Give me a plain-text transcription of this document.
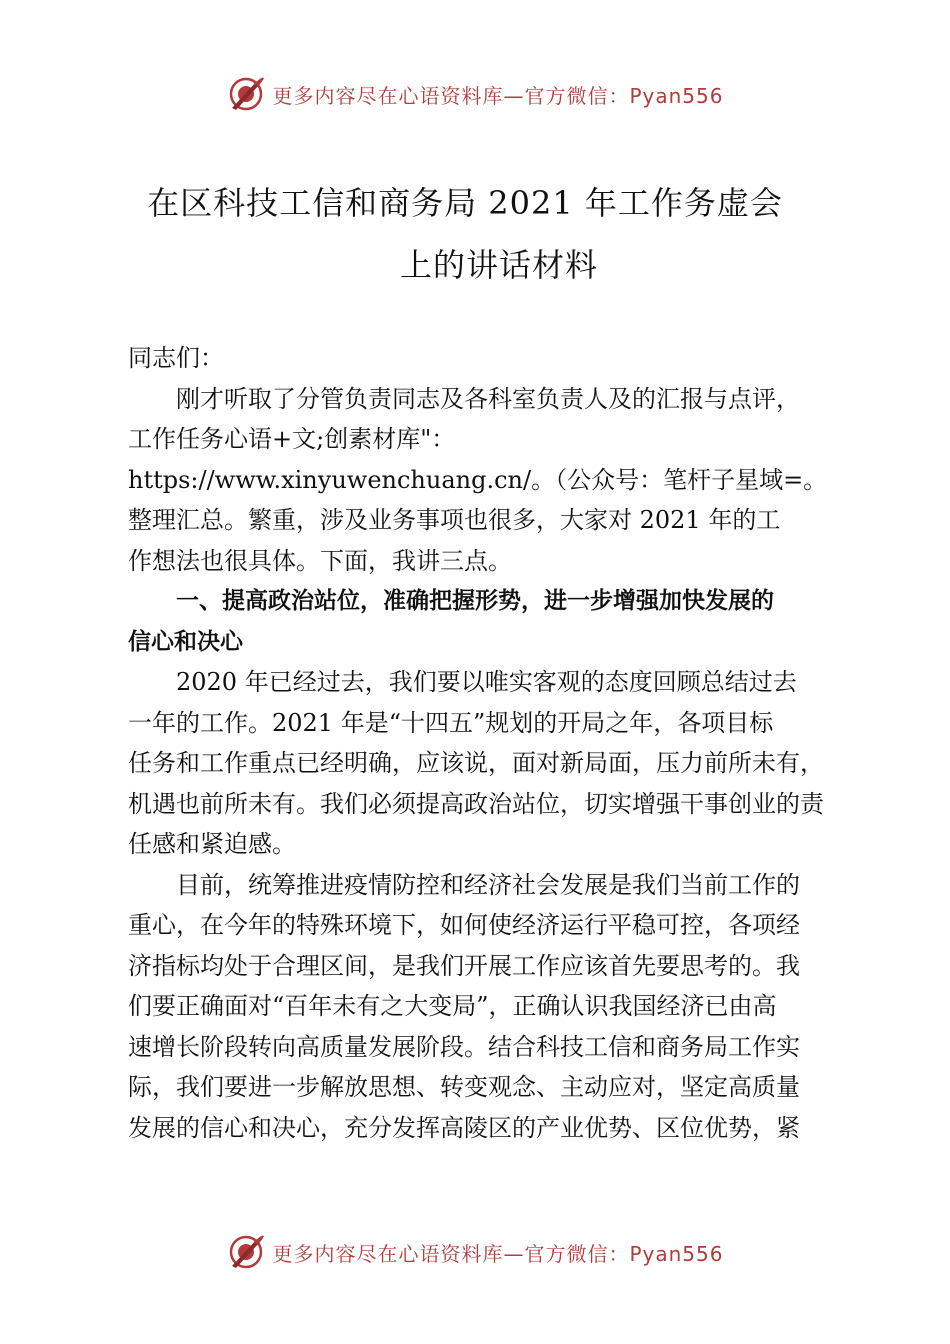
更多内容尽在心语资料库—官方微信：Pyan556
在区科技工信和商务局 2021 年工作务虚会
上的讲话材料
同志们：
刚才听取了分管负责同志及各科室负责人及的汇报与点评，
工作任务心语+文;创素材库"：
https://www.xinyuwenchuang.cn/。（公众号：笔杆子星域=。
整理汇总。繁重，涉及业务事项也很多，大家对 2021 年的工
作想法也很具体。下面，我讲三点。
一、提高政治站位，准确把握形势，进一步增强加快发展的
信心和决心
2020 年已经过去，我们要以唯实客观的态度回顾总结过去
一年的工作。2021 年是“十四五”规划的开局之年，各项目标
任务和工作重点已经明确，应该说，面对新局面，压力前所未有，
机遇也前所未有。我们必须提高政治站位，切实增强干事创业的责
任感和紧迫感。
目前，统筹推进疫情防控和经济社会发展是我们当前工作的
重心，在今年的特殊环境下，如何使经济运行平稳可控，各项经
济指标均处于合理区间，是我们开展工作应该首先要思考的。我
们要正确面对“百年未有之大变局”，正确认识我国经济已由高
速增长阶段转向高质量发展阶段。结合科技工信和商务局工作实
际，我们要进一步解放思想、转变观念、主动应对，坚定高质量
发展的信心和决心，充分发挥高陵区的产业优势、区位优势，紧
更多内容尽在心语资料库—官方微信：Pyan556
